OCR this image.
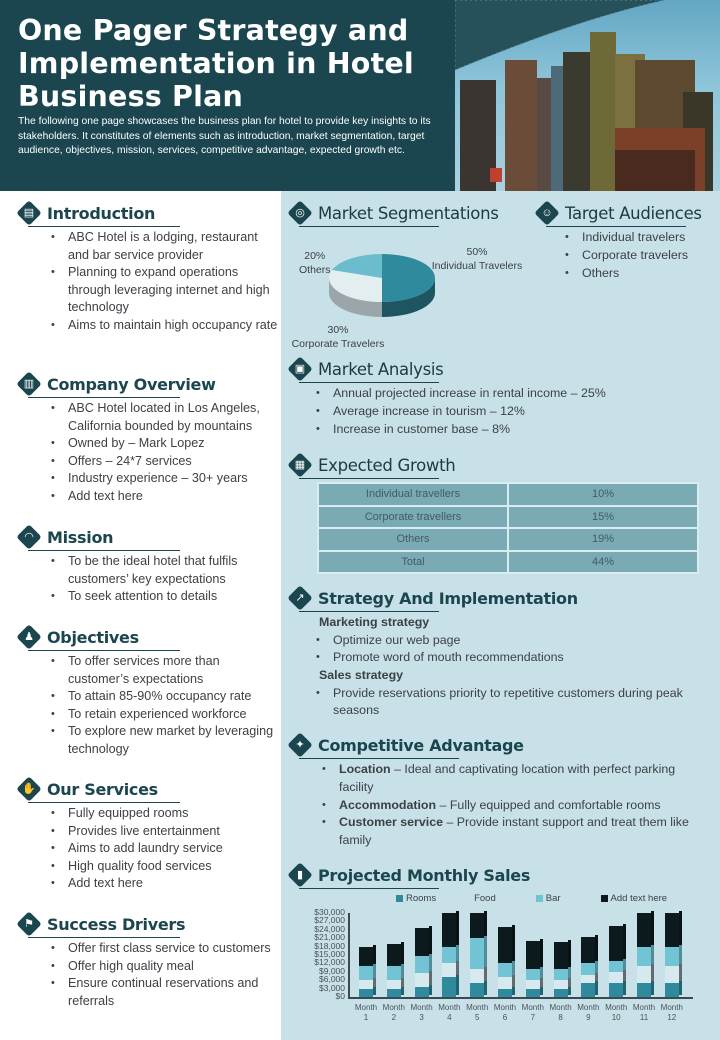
One Pager Strategy and
Implementation in Hotel
Business Plan
The following one page showcases the business plan for hotel to provide key insights to its stakeholders. It constitutes of elements such as introduction, market segmentation, target audience, objectives, mission, services, competitive advantage, expected growth etc.
▤ Introduction
• ABC Hotel is a lodging, restaurant and bar service provider
• Planning to expand operations through leveraging internet and high technology
• Aims to maintain high occupancy rate
▥ Company Overview
• ABC Hotel located in Los Angeles, California bounded by mountains
• Owned by – Mark Lopez
• Offers – 24*7 services
• Industry experience – 30+ years
• Add text here
◠ Mission
• To be the ideal hotel that fulfils customers’ key expectations
• To seek attention to details
♟ Objectives
• To offer services more than customer’s expectations
• To attain 85-90% occupancy rate
• To retain experienced workforce
• To explore new market by leveraging technology
✋ Our Services
• Fully equipped rooms
• Provides live entertainment
• Aims to add laundry service
• High quality food services
• Add text here
⚑ Success Drivers
• Offer first class service to customers
• Offer high quality meal
• Ensure continual reservations and referrals
◎ Market Segmentations
20%
Others
50%
Individual Travelers
30%
Corporate Travelers
☺ Target Audiences
• Individual travelers
• Corporate travelers
• Others
▣ Market Analysis
• Annual projected increase in rental income – 25%
• Average increase in tourism – 12%
• Increase in customer base – 8%
▦ Expected Growth
Individual travellers	10%
Corporate travellers	15%
Others	19%
Total	44%
↗ Strategy And Implementation
Marketing strategy
• Optimize our web page
• Promote word of mouth recommendations
Sales strategy
• Provide reservations priority to repetitive customers during peak seasons
✦ Competitive Advantage
• Location – Ideal and captivating location with perfect parking facility
• Accommodation – Fully equipped and comfortable rooms
• Customer service – Provide instant support and treat them like family
▮ Projected Monthly Sales
Rooms	Food	Bar	Add text here
$0
$3,000
$6,000
$9,000
$12,000
$15,000
$18,000
$21,000
$24,000
$27,000
$30,000
Month
1
Month
2
Month
3
Month
4
Month
5
Month
6
Month
7
Month
8
Month
9
Month
10
Month
11
Month
12
